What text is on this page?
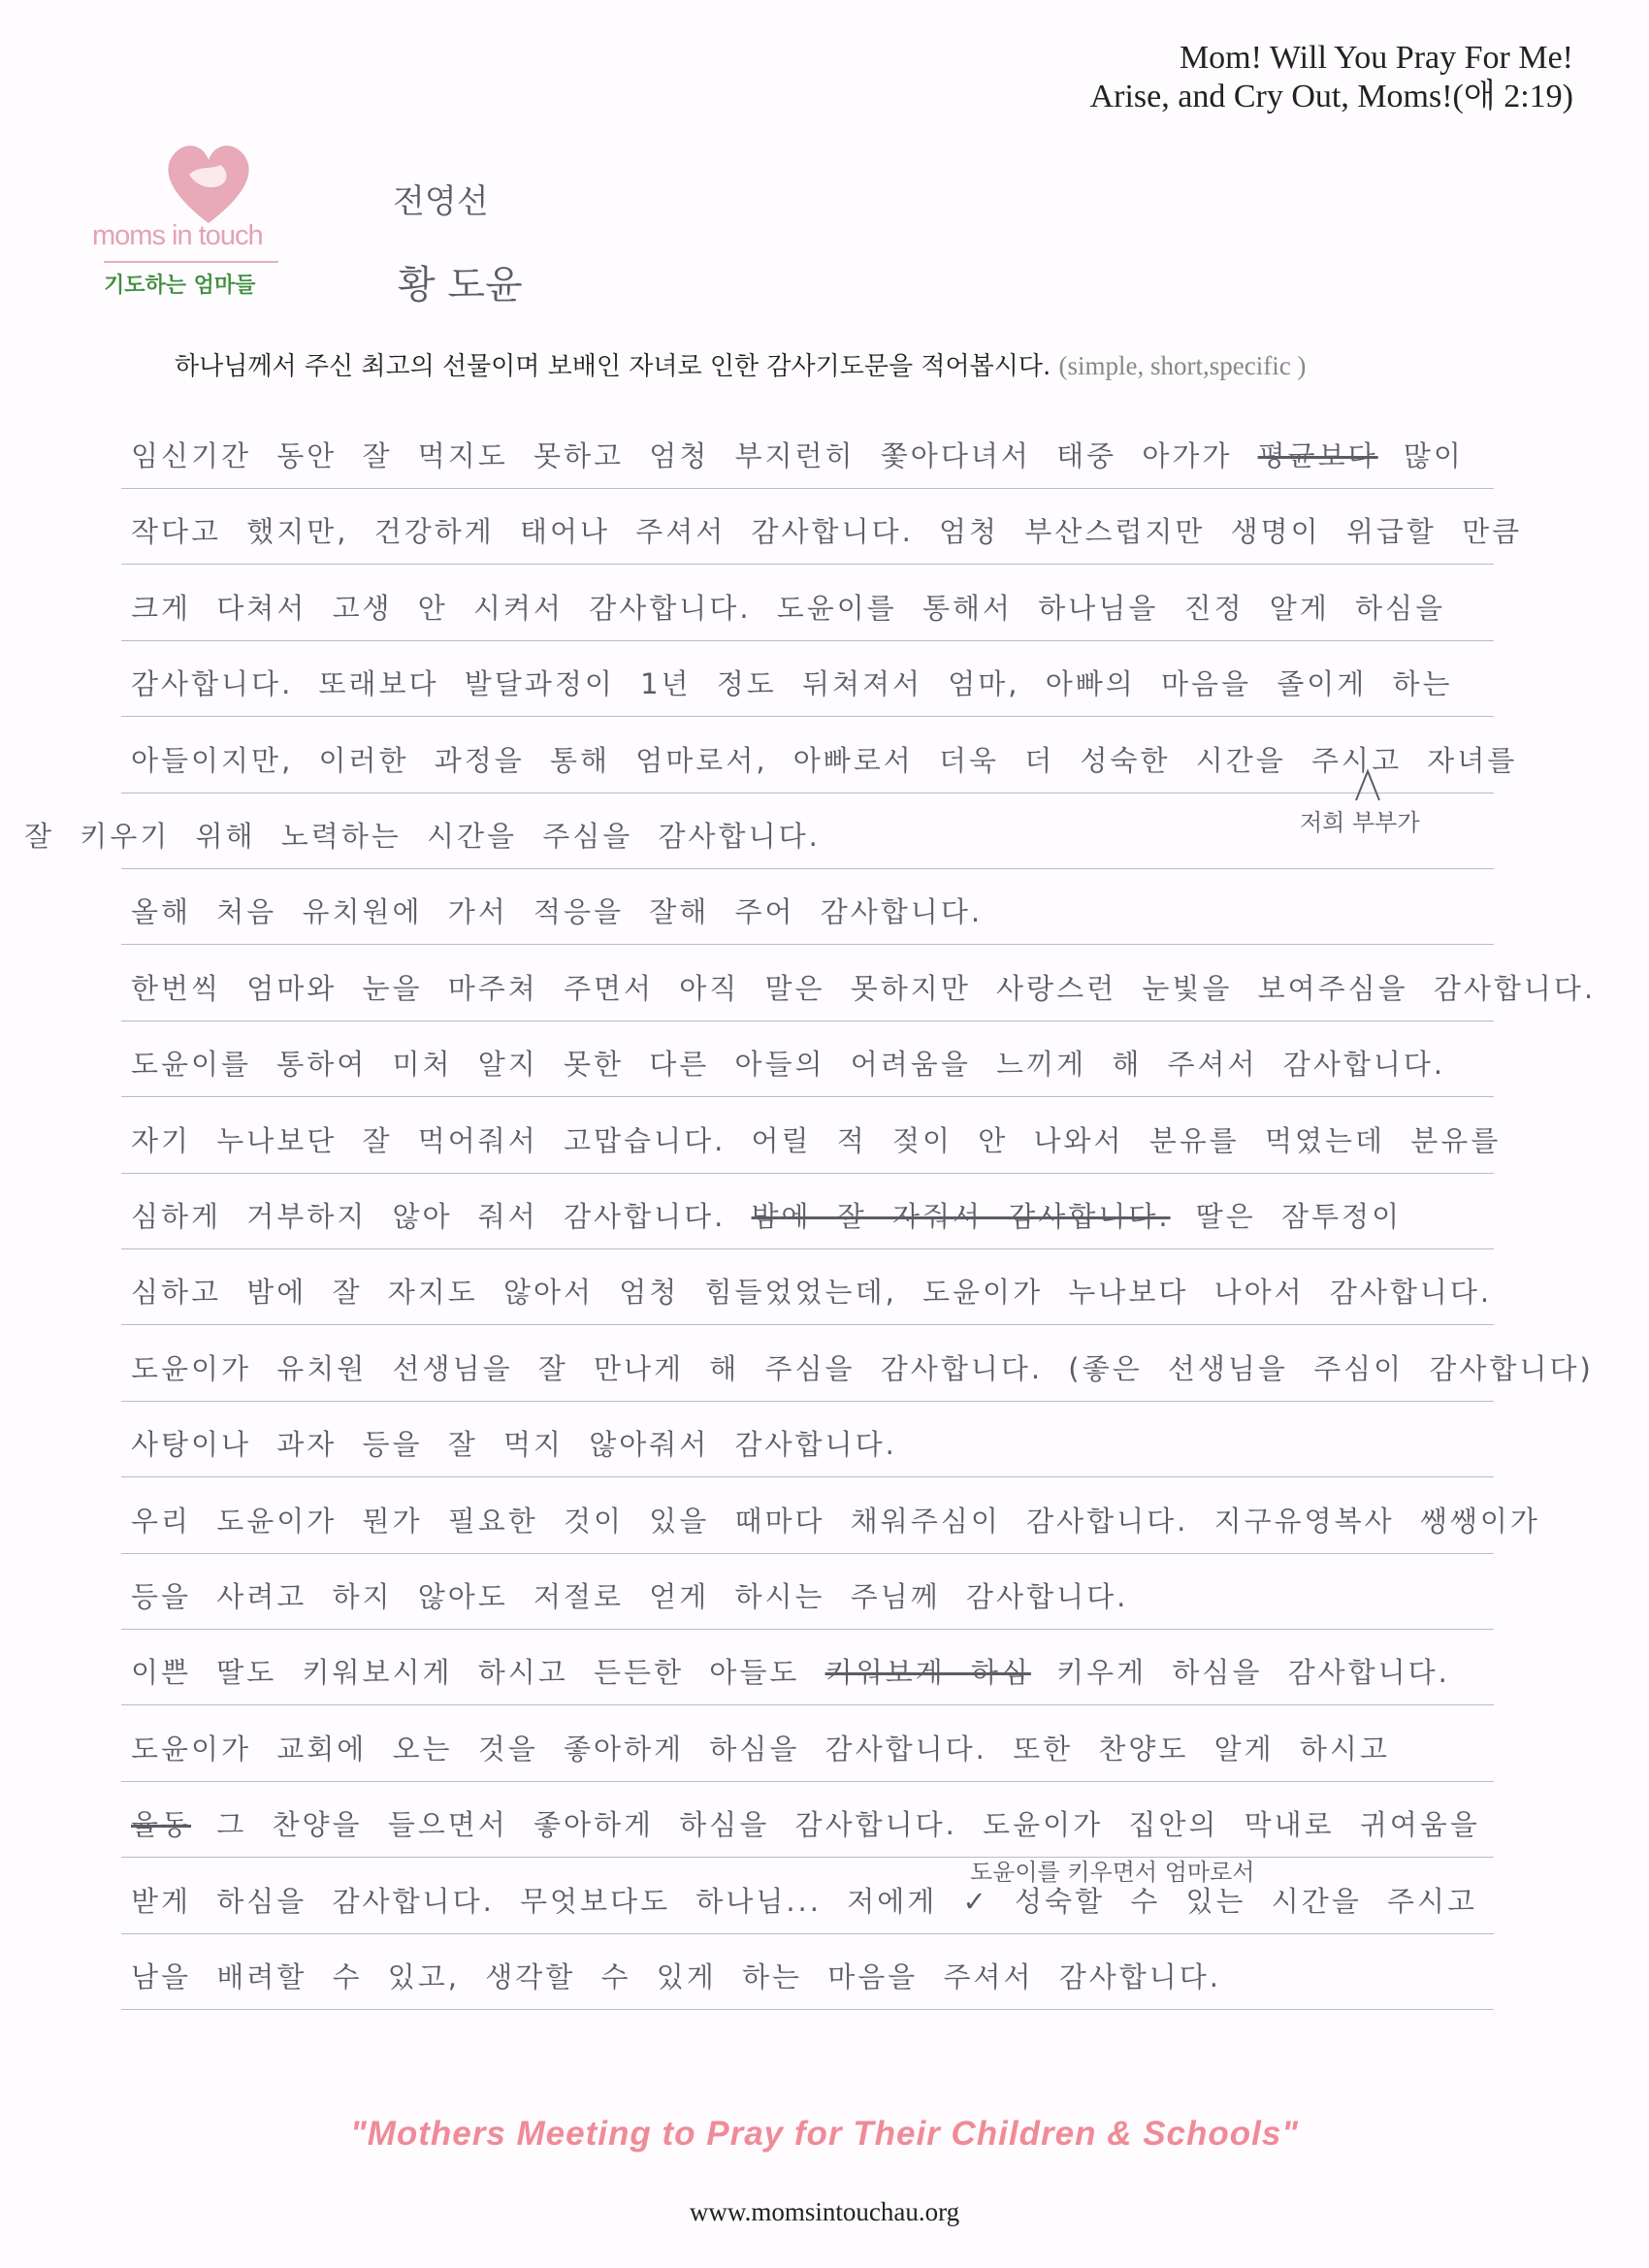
Mom! Will You Pray For Me!
Arise, and Cry Out, Moms!(애 2:19)
moms in touch
기도하는 엄마들
전영선
황 도윤
하나님께서 주신 최고의 선물이며 보배인 자녀로 인한 감사기도문을 적어봅시다. (simple, short,specific )
임신기간 동안 잘 먹지도 못하고 엄청 부지런히 쫓아다녀서 태중 아가가 평균보다 많이
작다고 했지만, 건강하게 태어나 주셔서 감사합니다. 엄청 부산스럽지만 생명이 위급할 만큼
크게 다쳐서 고생 안 시켜서 감사합니다. 도윤이를 통해서 하나님을 진정 알게 하심을
감사합니다. 또래보다 발달과정이 1년 정도 뒤쳐져서 엄마, 아빠의 마음을 졸이게 하는
아들이지만, 이러한 과정을 통해 엄마로서, 아빠로서 더욱 더 성숙한 시간을 주시고 자녀를
잘 키우기 위해 노력하는 시간을 주심을 감사합니다.
올해 처음 유치원에 가서 적응을 잘해 주어 감사합니다.
한번씩 엄마와 눈을 마주쳐 주면서 아직 말은 못하지만 사랑스런 눈빛을 보여주심을 감사합니다.
도윤이를 통하여 미처 알지 못한 다른 아들의 어려움을 느끼게 해 주셔서 감사합니다.
자기 누나보단 잘 먹어줘서 고맙습니다. 어릴 적 젖이 안 나와서 분유를 먹였는데 분유를
심하게 거부하지 않아 줘서 감사합니다. 밤에 잘 자줘서 감사합니다. 딸은 잠투정이
심하고 밤에 잘 자지도 않아서 엄청 힘들었었는데, 도윤이가 누나보다 나아서 감사합니다.
도윤이가 유치원 선생님을 잘 만나게 해 주심을 감사합니다. (좋은 선생님을 주심이 감사합니다)
사탕이나 과자 등을 잘 먹지 않아줘서 감사합니다.
우리 도윤이가 뭔가 필요한 것이 있을 때마다 채워주심이 감사합니다. 지구유영복사 쌩쌩이가
등을 사려고 하지 않아도 저절로 얻게 하시는 주님께 감사합니다.
이쁜 딸도 키워보시게 하시고 든든한 아들도 키워보게 하심 키우게 하심을 감사합니다.
도윤이가 교회에 오는 것을 좋아하게 하심을 감사합니다. 또한 찬양도 알게 하시고
율동 그 찬양을 들으면서 좋아하게 하심을 감사합니다. 도윤이가 집안의 막내로 귀여움을
받게 하심을 감사합니다. 무엇보다도 하나님... 저에게 ✓ 성숙할 수 있는 시간을 주시고
남을 배려할 수 있고, 생각할 수 있게 하는 마음을 주셔서 감사합니다.
저희 부부가
도윤이를 키우면서 엄마로서
"Mothers Meeting to Pray for Their Children & Schools"
www.momsintouchau.org
